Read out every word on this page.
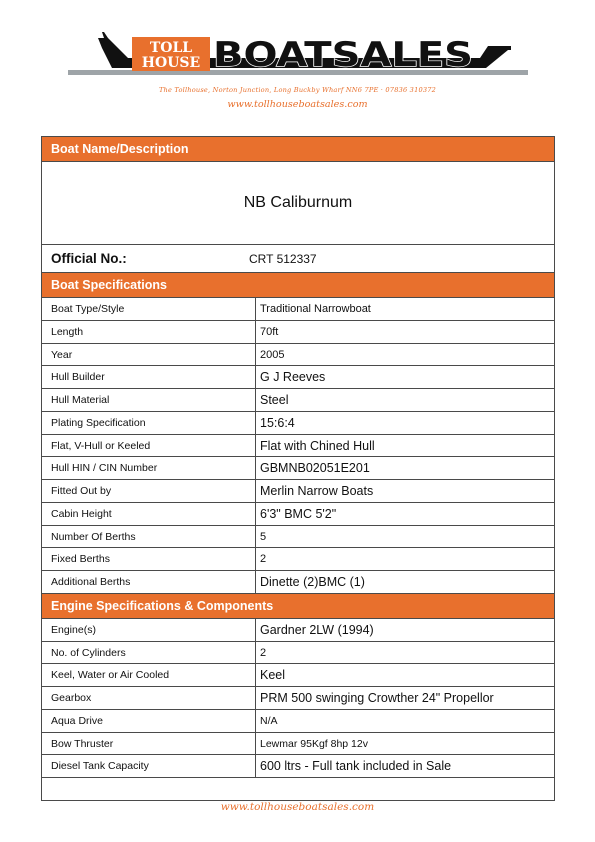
TOLL
HOUSE BOATSALES
The Tollhouse, Norton Junction, Long Buckby Wharf NN6 7PE · 07836 310372
www.tollhouseboatsales.com
Boat Name/Description
NB Caliburnum
Official No.:	CRT 512337
Boat Specifications
Boat Type/Style	Traditional Narrowboat
Length	70ft
Year	2005
Hull Builder	G J Reeves
Hull Material	Steel
Plating Specification	15:6:4
Flat, V-Hull or Keeled	Flat with Chined Hull
Hull HIN / CIN Number	GBMNB02051E201
Fitted Out by	Merlin Narrow Boats
Cabin Height	6'3" BMC 5'2"
Number Of Berths	5
Fixed Berths	2
Additional Berths	Dinette (2)BMC (1)
Engine Specifications & Components
Engine(s)	Gardner 2LW (1994)
No. of Cylinders	2
Keel, Water or Air Cooled	Keel
Gearbox	PRM 500 swinging Crowther 24" Propellor
Aqua Drive	N/A
Bow Thruster	Lewmar 95Kgf 8hp 12v
Diesel Tank Capacity	600 ltrs - Full tank included in Sale
www.tollhouseboatsales.com
